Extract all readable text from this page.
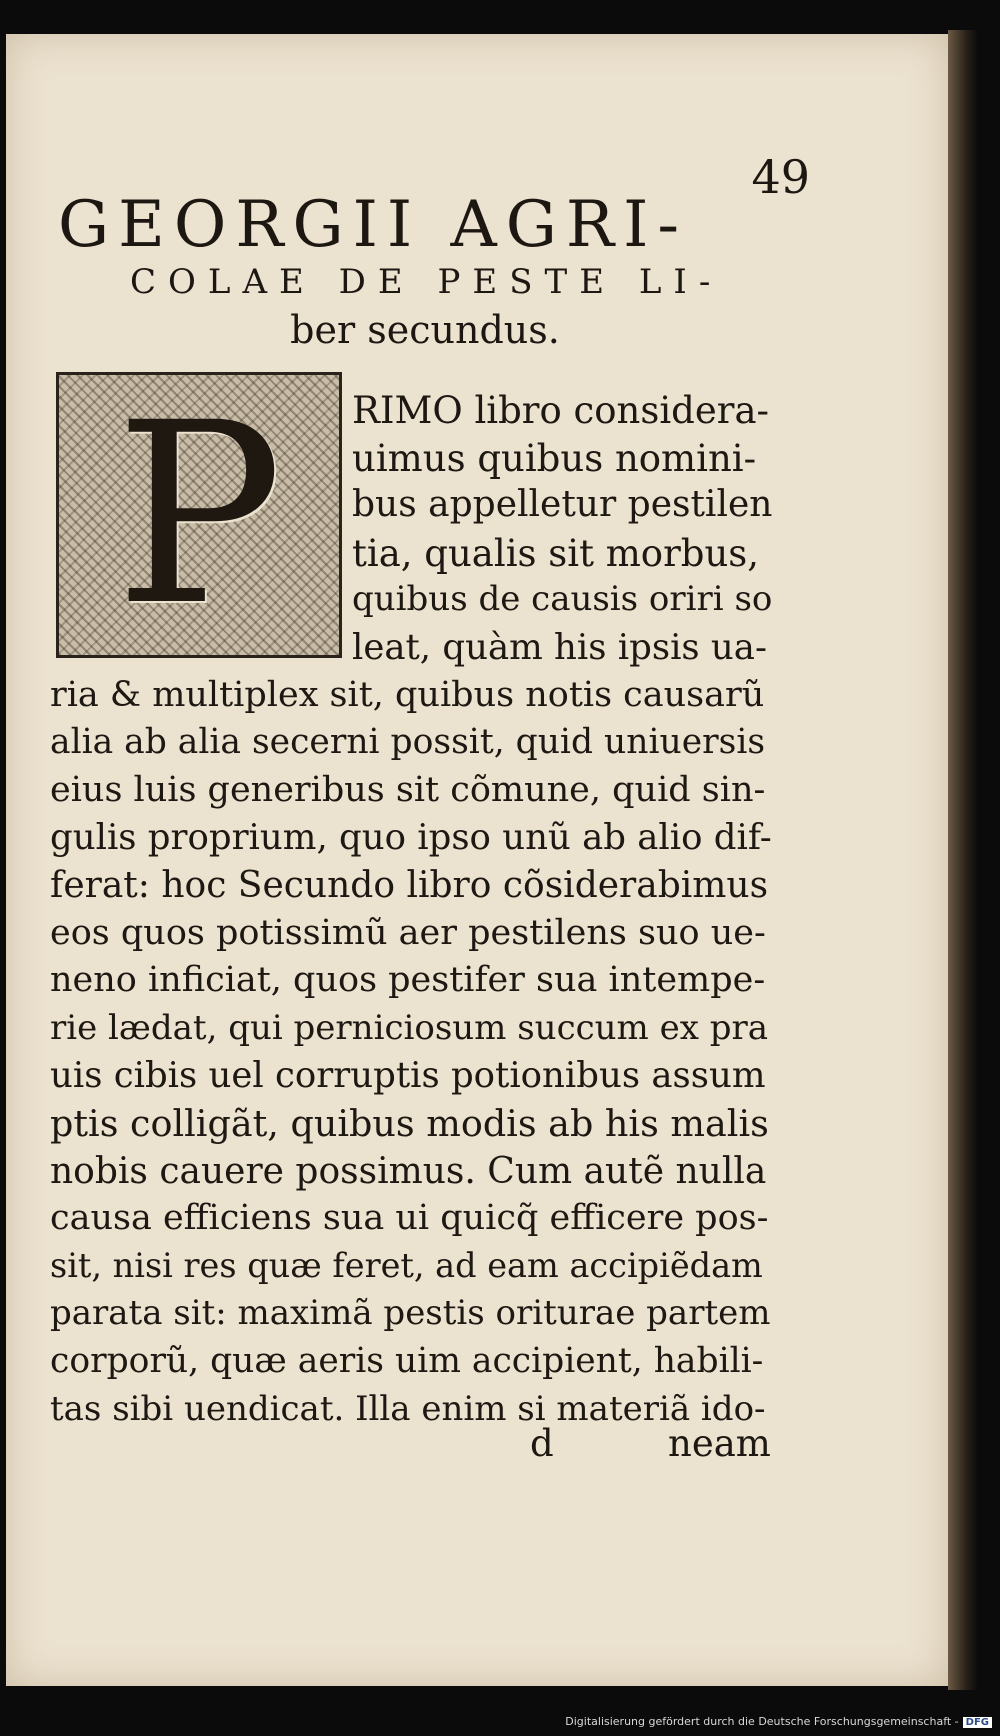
49
GEORGII AGRI-
COLAE DE PESTE LI-
ber secundus.
P RIMO libro considera-
uimus quibus nomini-
bus appelletur pestilen
tia, qualis sit morbus,
quibus de causis oriri so
leat, quàm his ipsis ua-
ria & multiplex sit, quibus notis causarũ
alia ab alia secerni possit, quid uniuersis
eius luis generibus sit cõmune, quid sin-
gulis proprium, quo ipso unũ ab alio dif-
ferat: hoc Secundo libro cõsiderabimus
eos quos potissimũ aer pestilens suo ue-
neno inficiat, quos pestifer sua intempe-
rie lædat, qui perniciosum succum ex pra
uis cibis uel corruptis potionibus assum
ptis colligãt, quibus modis ab his malis
nobis cauere possimus. Cum autẽ nulla
causa efficiens sua ui quicq̃ efficere pos-
sit, nisi res quæ feret, ad eam accipiẽdam
parata sit: maximã pestis oriturae partem
corporũ, quæ aeris uim accipient, habili-
tas sibi uendicat. Illa enim si materiã ido-
d	neam
Digitalisierung gefördert durch die Deutsche Forschungsgemeinschaft - DFG
